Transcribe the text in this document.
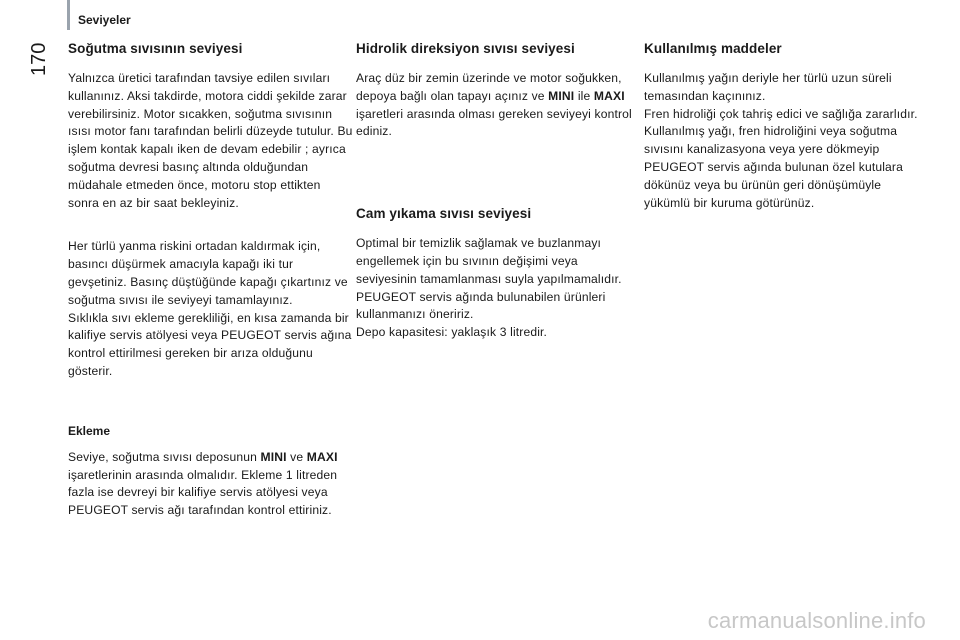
Seviyeler
170 Soğutma sıvısının seviyesi

Yalnızca üretici tarafından tavsiye edilen sıvıları kullanınız. Aksi takdirde, motora ciddi şekilde zarar verebilirsiniz. Motor sıcakken, soğutma sıvısının ısısı motor fanı tarafından belirli düzeyde tutulur. Bu işlem kontak kapalı iken de devam edebilir ; ayrıca soğutma devresi basınç altında olduğundan müdahale etmeden önce, motoru stop ettikten sonra en az bir saat bekleyiniz.

Her türlü yanma riskini ortadan kaldırmak için, basıncı düşürmek amacıyla kapağı iki tur gevşetiniz. Basınç düştüğünde kapağı çıkartınız ve soğutma sıvısı ile seviyeyi tamamlayınız.

Sıklıkla sıvı ekleme gerekliliği, en kısa zamanda bir kalifiye servis atölyesi veya PEUGEOT servis ağına kontrol ettirilmesi gereken bir arıza olduğunu gösterir.

Ekleme

Seviye, soğutma sıvısı deposunun MINI ve MAXI işaretlerinin arasında olmalıdır. Ekleme 1 litreden fazla ise devreyi bir kalifiye servis atölyesi veya PEUGEOT servis ağı tarafından kontrol ettiriniz.

Hidrolik direksiyon sıvısı seviyesi

Araç düz bir zemin üzerinde ve motor soğukken, depoya bağlı olan tapayı açınız ve MINI ile MAXI işaretleri arasında olması gereken seviyeyi kontrol ediniz.

Cam yıkama sıvısı seviyesi

Optimal bir temizlik sağlamak ve buzlanmayı engellemek için bu sıvının değişimi veya seviyesinin tamamlanması suyla yapılmamalıdır. PEUGEOT servis ağında bulunabilen ürünleri kullanmanızı öneririz.

Depo kapasitesi: yaklaşık 3 litredir.

Kullanılmış maddeler

Kullanılmış yağın deriyle her türlü uzun süreli temasından kaçınınız.

Fren hidroliği çok tahriş edici ve sağlığa zararlıdır.

Kullanılmış yağı, fren hidroliğini veya soğutma sıvısını kanalizasyona veya yere dökmeyip PEUGEOT servis ağında bulunan özel kutulara dökünüz veya bu ürünün geri dönüşümüyle yükümlü bir kuruma götürünüz.

carmanualsonline.info
